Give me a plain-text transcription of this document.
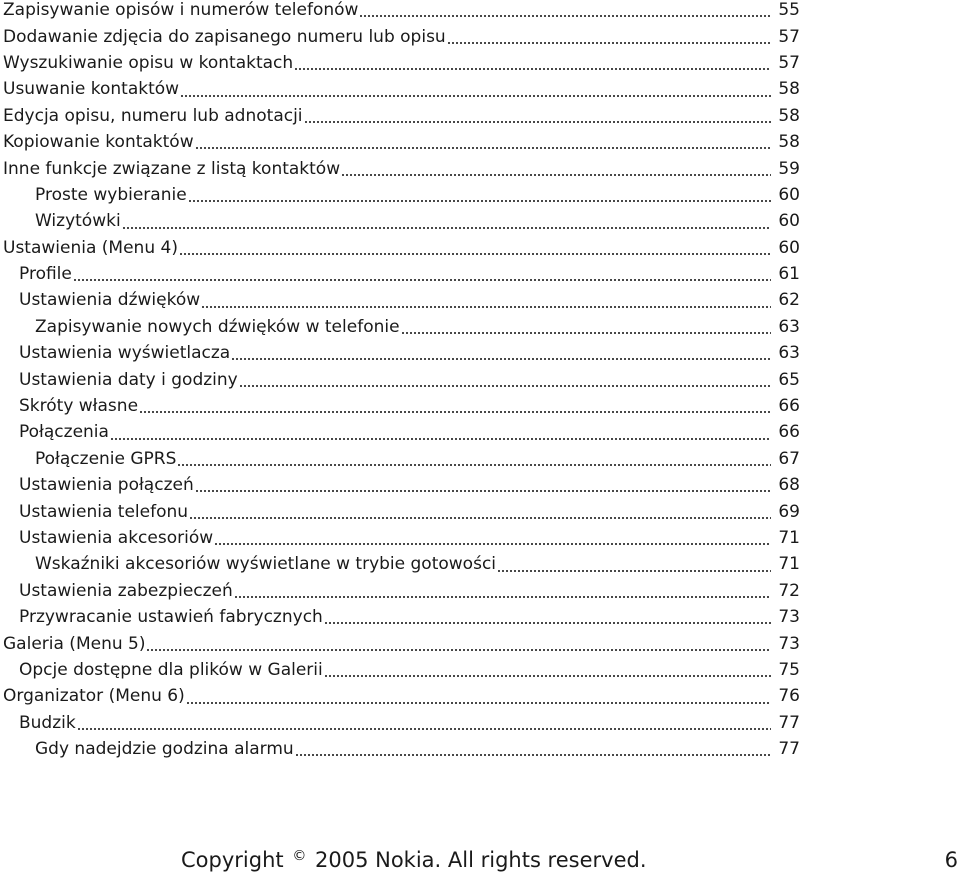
Zapisywanie opisów i numerów telefonów	55
Dodawanie zdjęcia do zapisanego numeru lub opisu	57
Wyszukiwanie opisu w kontaktach	57
Usuwanie kontaktów	58
Edycja opisu, numeru lub adnotacji	58
Kopiowanie kontaktów	58
Inne funkcje związane z listą kontaktów	59
Proste wybieranie	60
Wizytówki	60
Ustawienia (Menu 4)	60
Profile	61
Ustawienia dźwięków	62
Zapisywanie nowych dźwięków w telefonie	63
Ustawienia wyświetlacza	63
Ustawienia daty i godziny	65
Skróty własne	66
Połączenia	66
Połączenie GPRS	67
Ustawienia połączeń	68
Ustawienia telefonu	69
Ustawienia akcesoriów	71
Wskaźniki akcesoriów wyświetlane w trybie gotowości	71
Ustawienia zabezpieczeń	72
Przywracanie ustawień fabrycznych	73
Galeria (Menu 5)	73
Opcje dostępne dla plików w Galerii	75
Organizator (Menu 6)	76
Budzik	77
Gdy nadejdzie godzina alarmu	77
Copyright © 2005 Nokia. All rights reserved.	6
